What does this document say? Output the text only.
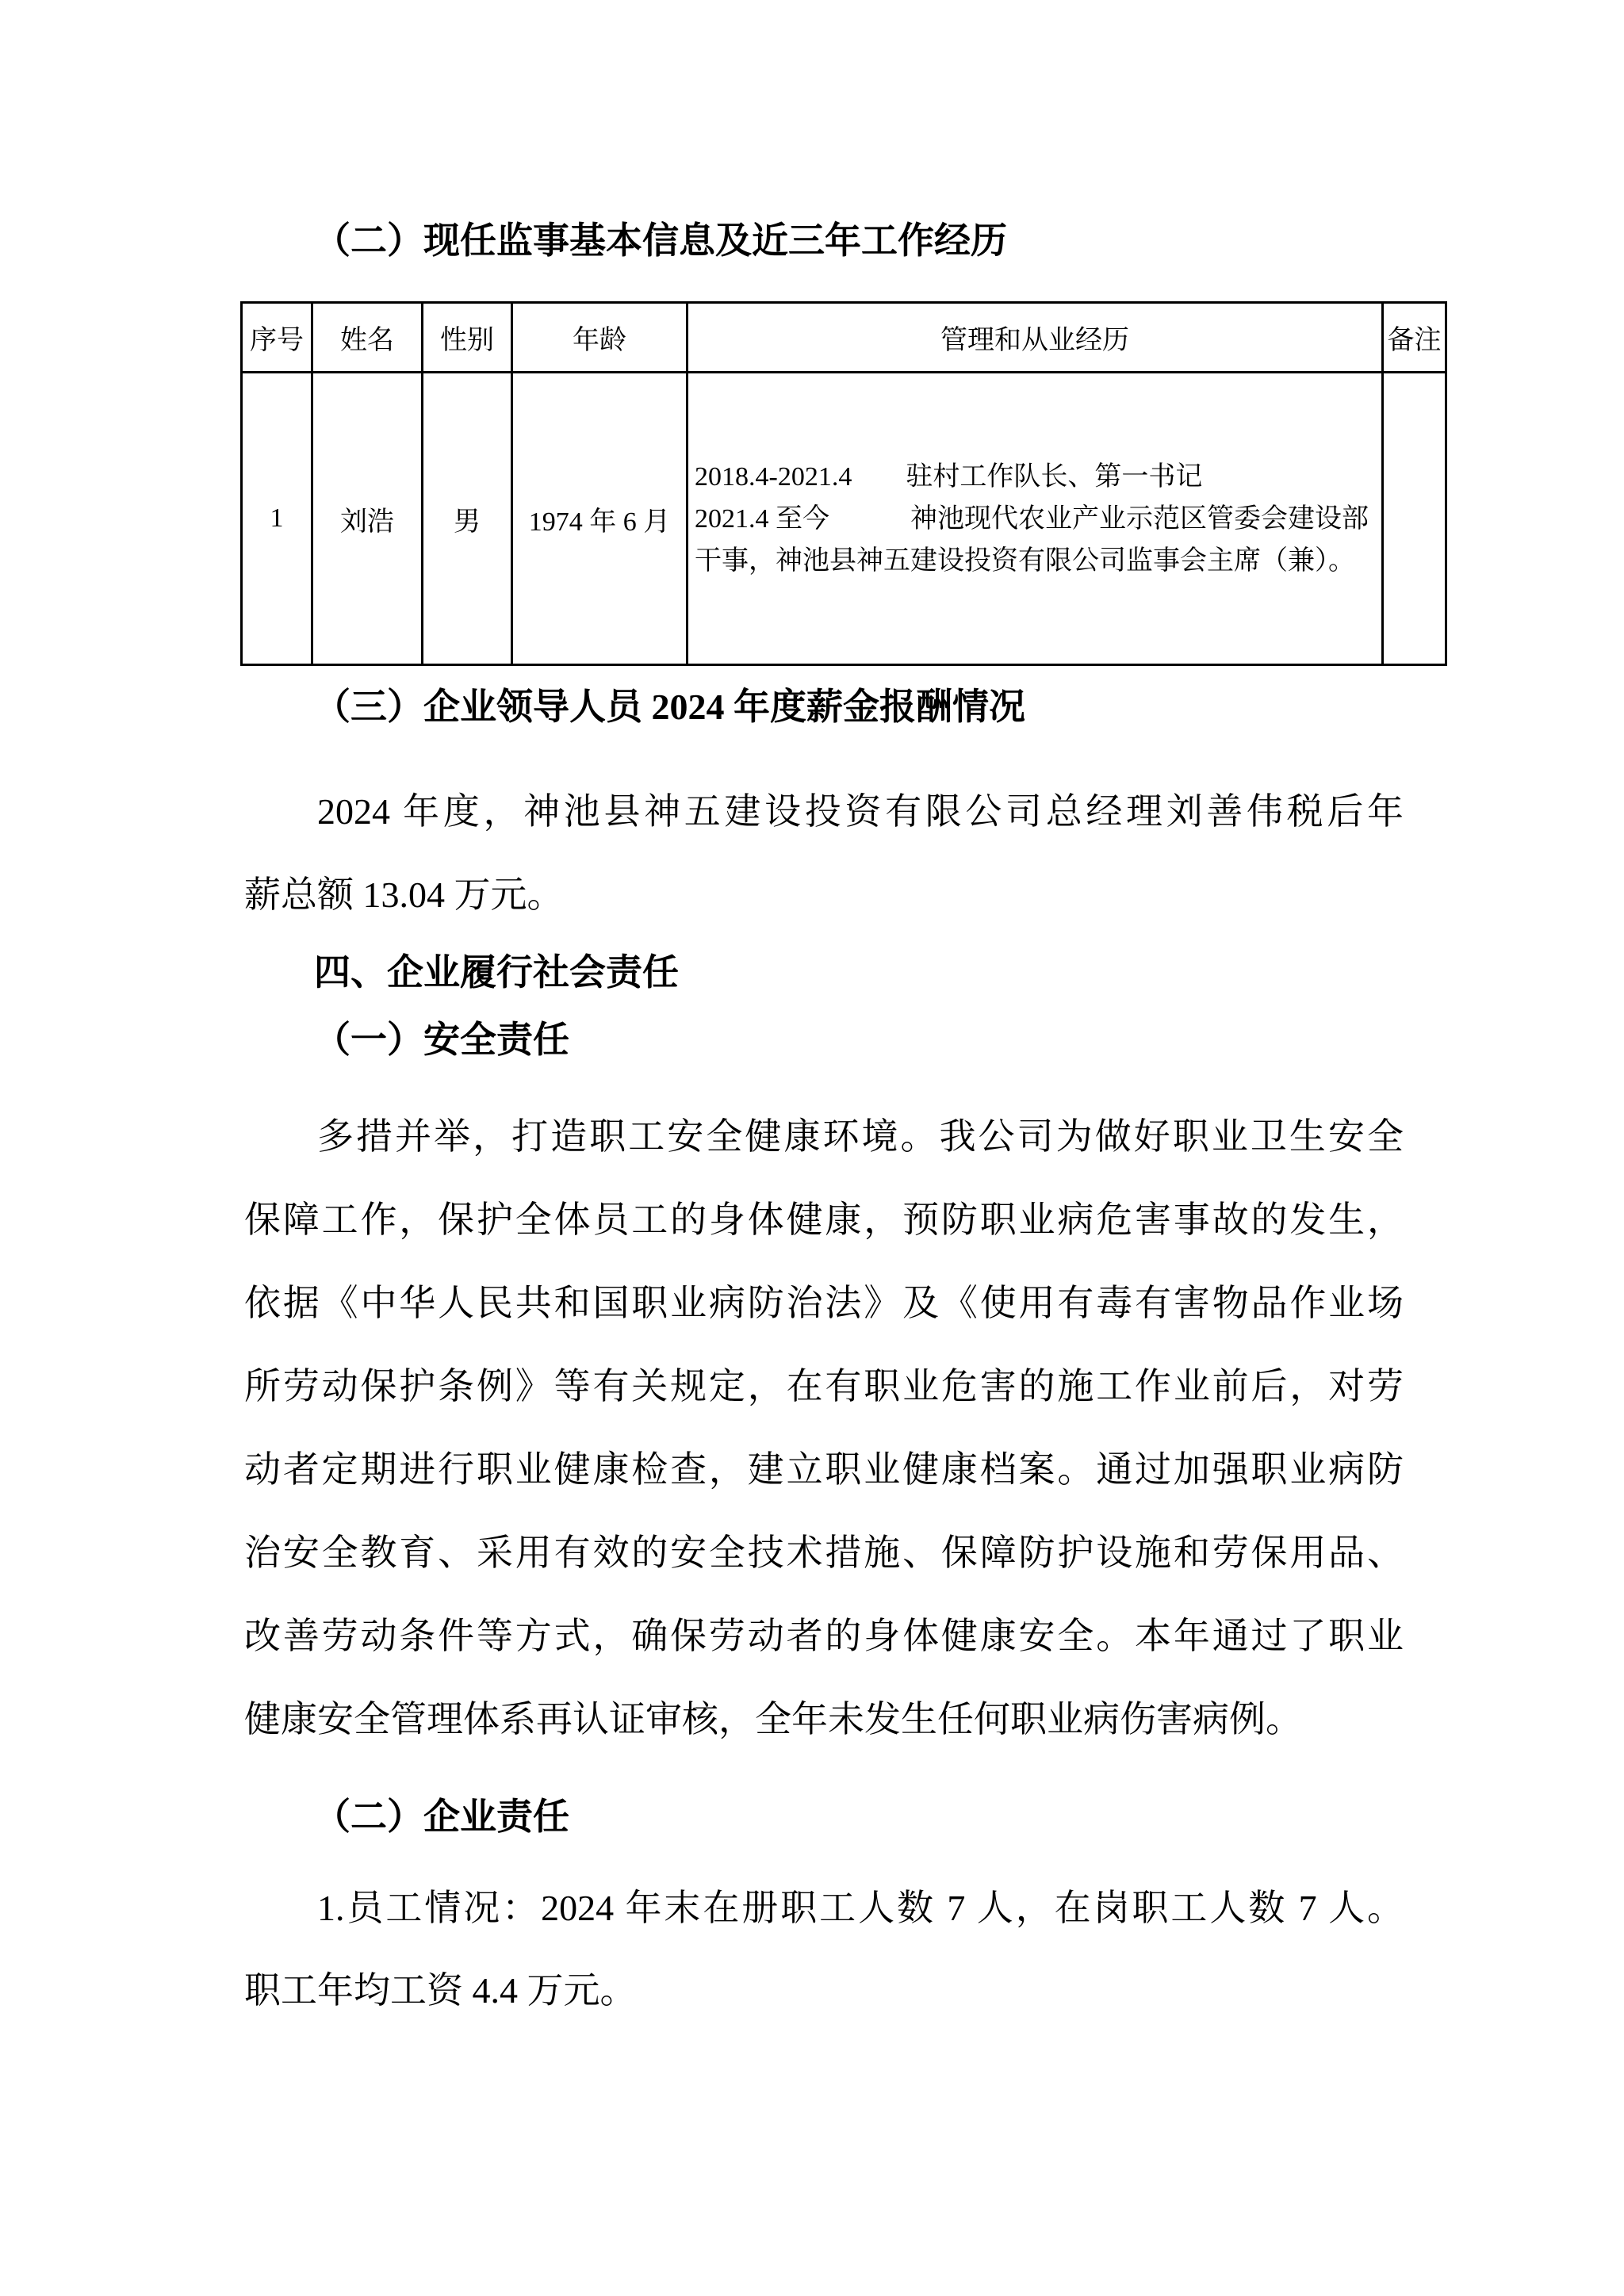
（二）现任监事基本信息及近三年工作经历
序号	姓名	性别	年龄	管理和从业经历	备注
1	刘浩	男	1974 年 6 月	2018.4-2021.4　　驻村工作队长、第一书记
2021.4 至今　　　神池现代农业产业示范区管委会建设部
干事，神池县神五建设投资有限公司监事会主席（兼）。	

（三）企业领导人员 2024 年度薪金报酬情况
2024 年度，神池县神五建设投资有限公司总经理刘善伟税后年
薪总额 13.04 万元。
四、企业履行社会责任
（一）安全责任
多措并举，打造职工安全健康环境。我公司为做好职业卫生安全
保障工作，保护全体员工的身体健康，预防职业病危害事故的发生，
依据《中华人民共和国职业病防治法》及《使用有毒有害物品作业场
所劳动保护条例》等有关规定，在有职业危害的施工作业前后，对劳
动者定期进行职业健康检查，建立职业健康档案。通过加强职业病防
治安全教育、采用有效的安全技术措施、保障防护设施和劳保用品、
改善劳动条件等方式，确保劳动者的身体健康安全。本年通过了职业
健康安全管理体系再认证审核，全年未发生任何职业病伤害病例。
（二）企业责任
1.员工情况：2024 年末在册职工人数 7 人，在岗职工人数 7 人。
职工年均工资 4.4 万元。
